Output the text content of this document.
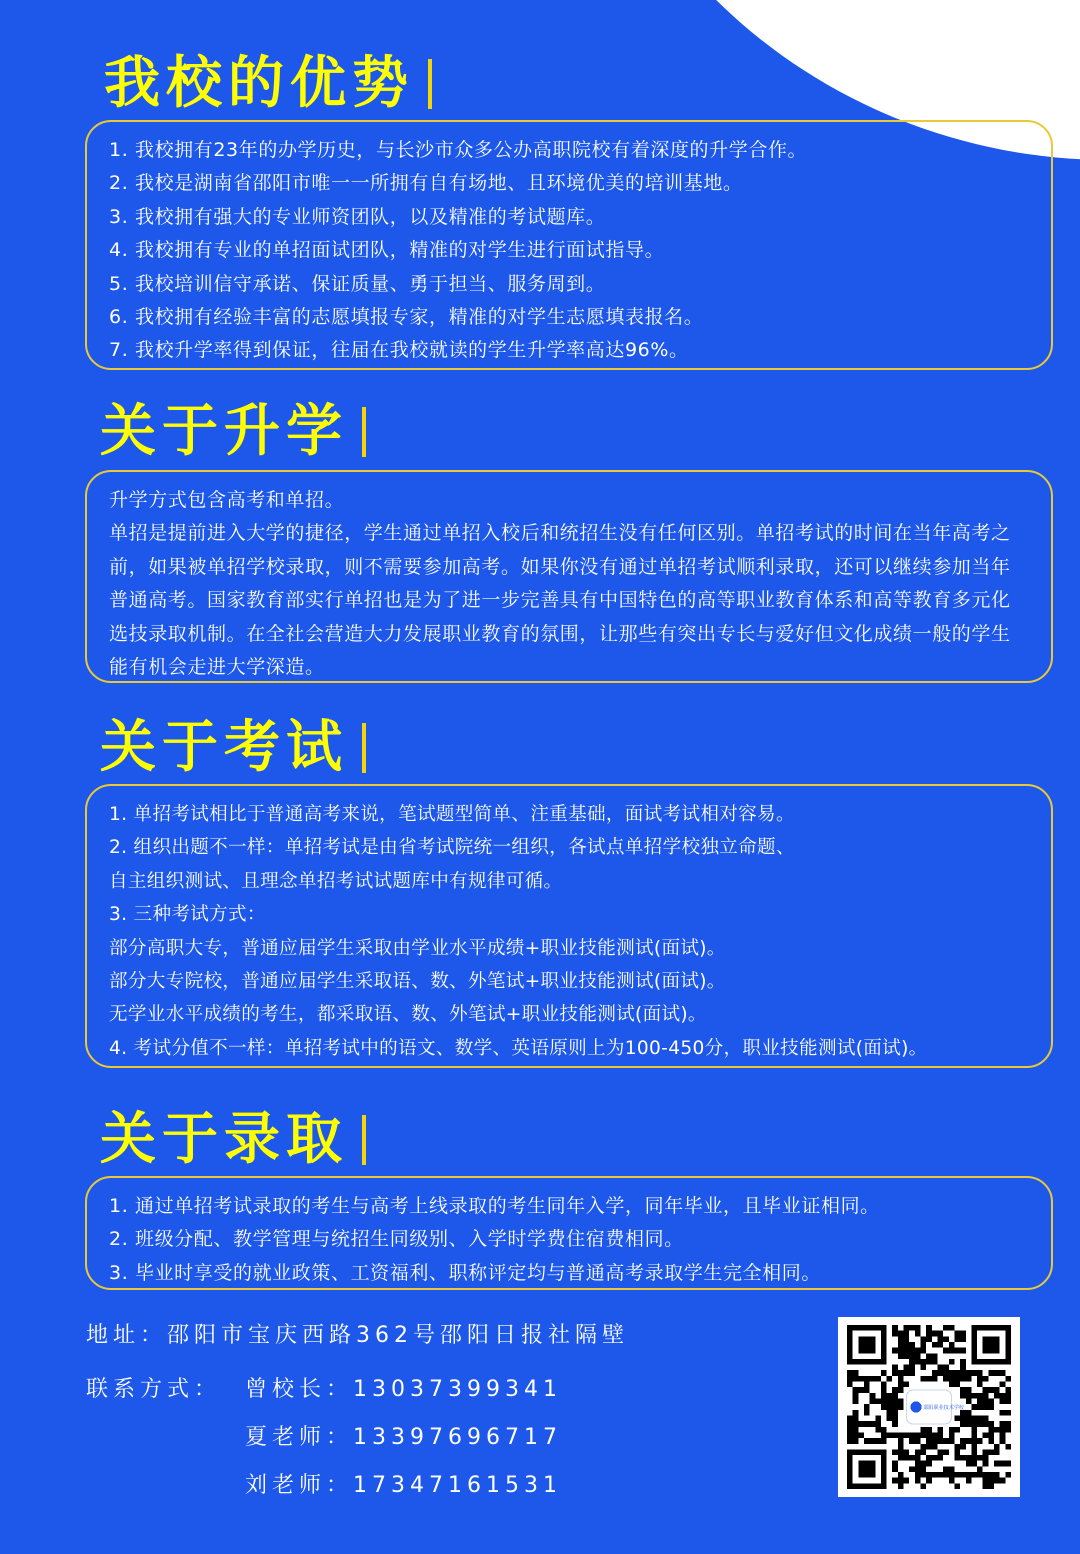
我校的优势
1. 我校拥有23年的办学历史，与长沙市众多公办高职院校有着深度的升学合作。
2. 我校是湖南省邵阳市唯一一所拥有自有场地、且环境优美的培训基地。
3. 我校拥有强大的专业师资团队，以及精准的考试题库。
4. 我校拥有专业的单招面试团队，精准的对学生进行面试指导。
5. 我校培训信守承诺、保证质量、勇于担当、服务周到。
6. 我校拥有经验丰富的志愿填报专家，精准的对学生志愿填表报名。
7. 我校升学率得到保证，往届在我校就读的学生升学率高达96%。
关于升学
升学方式包含高考和单招。
单招是提前进入大学的捷径，学生通过单招入校后和统招生没有任何区别。单招考试的时间在当年高考之前，如果被单招学校录取，则不需要参加高考。如果你没有通过单招考试顺利录取，还可以继续参加当年普通高考。国家教育部实行单招也是为了进一步完善具有中国特色的高等职业教育体系和高等教育多元化选技录取机制。在全社会营造大力发展职业教育的氛围，让那些有突出专长与爱好但文化成绩一般的学生能有机会走进大学深造。
关于考试
1. 单招考试相比于普通高考来说，笔试题型简单、注重基础，面试考试相对容易。
2. 组织出题不一样：单招考试是由省考试院统一组织，各试点单招学校独立命题、
自主组织测试、且理念单招考试试题库中有规律可循。
3. 三种考试方式：
部分高职大专，普通应届学生采取由学业水平成绩+职业技能测试(面试)。
部分大专院校，普通应届学生采取语、数、外笔试+职业技能测试(面试)。
无学业水平成绩的考生，都采取语、数、外笔试+职业技能测试(面试)。
4. 考试分值不一样：单招考试中的语文、数学、英语原则上为100-450分，职业技能测试(面试)。
关于录取
1. 通过单招考试录取的考生与高考上线录取的考生同年入学，同年毕业，且毕业证相同。
2. 班级分配、教学管理与统招生同级别、入学时学费住宿费相同。
3. 毕业时享受的就业政策、工资福利、职称评定均与普通高考录取学生完全相同。
地址：邵阳市宝庆西路362号邵阳日报社隔壁
联系方式： 曾校长：13037399341
夏老师：13397696717
刘老师：17347161531
